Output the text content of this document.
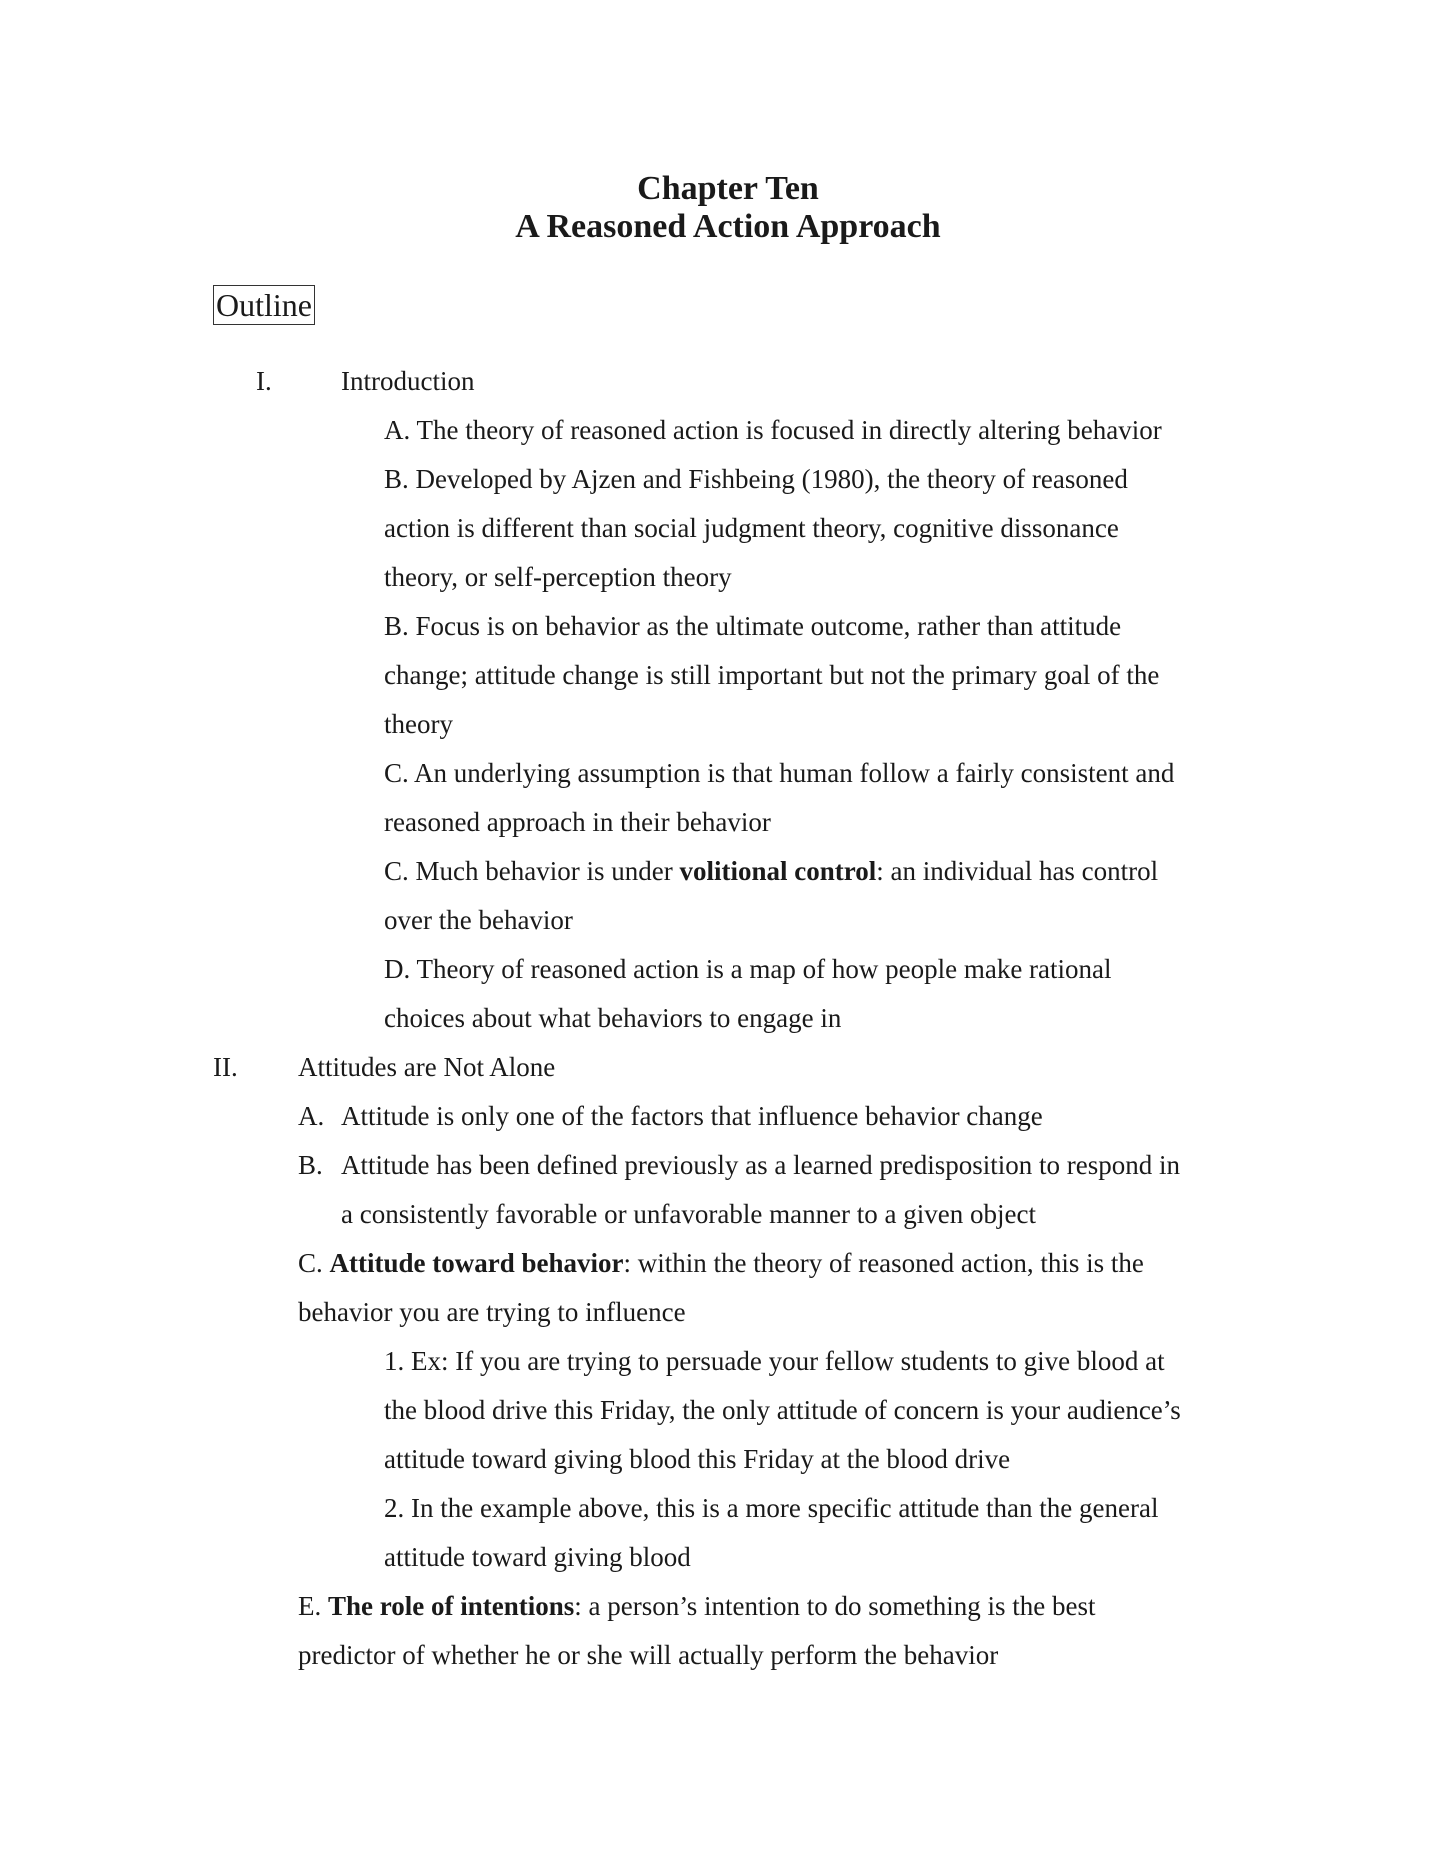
Chapter Ten
A Reasoned Action Approach
Outline
I.	Introduction
A. The theory of reasoned action is focused in directly altering behavior
B. Developed by Ajzen and Fishbeing (1980), the theory of reasoned
action is different than social judgment theory, cognitive dissonance
theory, or self-perception theory
B. Focus is on behavior as the ultimate outcome, rather than attitude
change; attitude change is still important but not the primary goal of the
theory
C. An underlying assumption is that human follow a fairly consistent and
reasoned approach in their behavior
C. Much behavior is under volitional control: an individual has control
over the behavior
D. Theory of reasoned action is a map of how people make rational
choices about what behaviors to engage in
II. Attitudes are Not Alone
A. Attitude is only one of the factors that influence behavior change
B. Attitude has been defined previously as a learned predisposition to respond in
a consistently favorable or unfavorable manner to a given object
C. Attitude toward behavior: within the theory of reasoned action, this is the
behavior you are trying to influence
1. Ex: If you are trying to persuade your fellow students to give blood at
the blood drive this Friday, the only attitude of concern is your audience’s
attitude toward giving blood this Friday at the blood drive
2. In the example above, this is a more specific attitude than the general
attitude toward giving blood
E. The role of intentions: a person’s intention to do something is the best
predictor of whether he or she will actually perform the behavior
